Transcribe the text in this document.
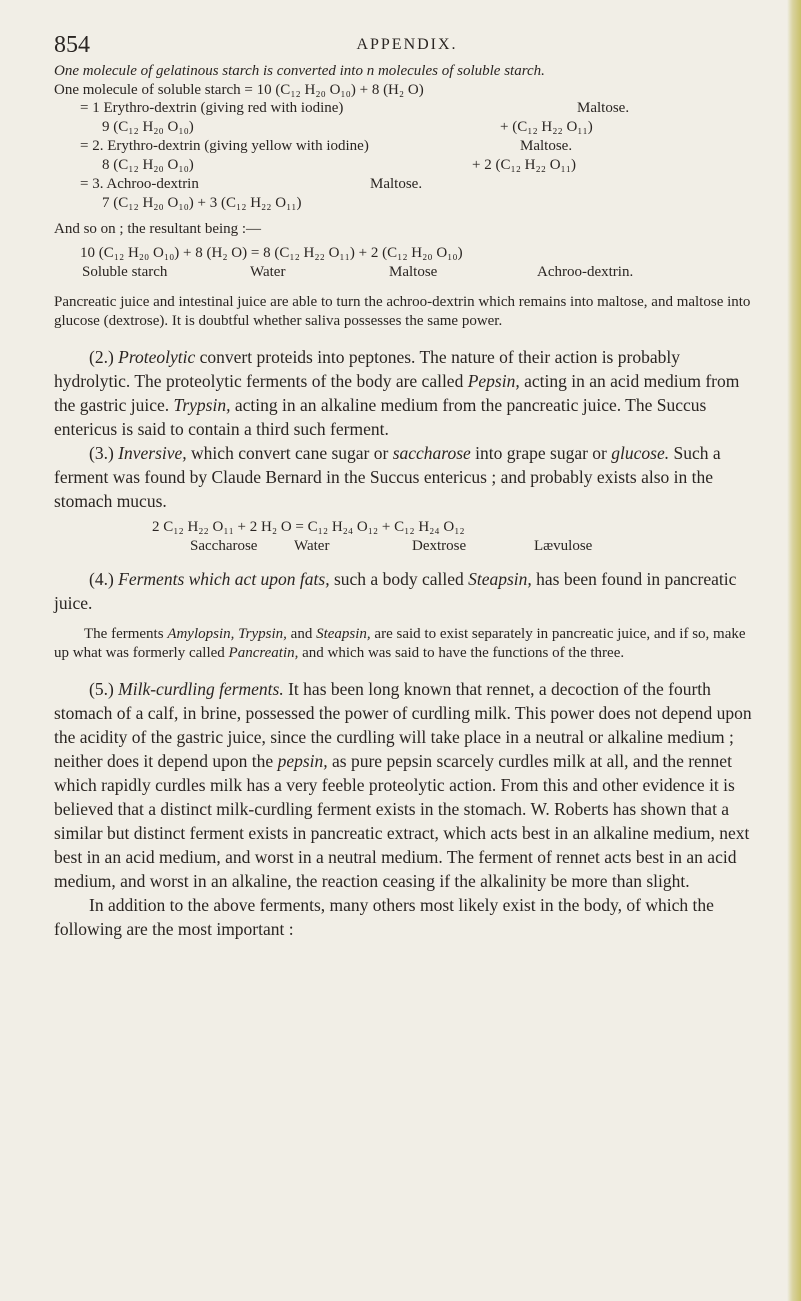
854	APPENDIX.

One molecule of gelatinous starch is converted into n molecules of soluble starch.

One molecule of soluble starch = 10 (C₁₂ H₂₀ O₁₀) + 8 (H₂ O)

= 1 Erythro-dextrin (giving red with iodine)	Maltose.
9 (C₁₂ H₂₀ O₁₀)	+ (C₁₂ H₂₂ O₁₁)
= 2. Erythro-dextrin (giving yellow with iodine)	Maltose.
8 (C₁₂ H₂₀ O₁₀)	+ 2 (C₁₂ H₂₂ O₁₁)
= 3. Achroo-dextrin	Maltose.
7 (C₁₂ H₂₀ O₁₀) + 3 (C₁₂ H₂₂ O₁₁)

And so on ; the resultant being :—

10 (C₁₂ H₂₀ O₁₀) + 8 (H₂ O) = 8 (C₁₂ H₂₂ O₁₁) + 2 (C₁₂ H₂₀ O₁₀)
Soluble starch	Water	Maltose	Achroo-dextrin.

Pancreatic juice and intestinal juice are able to turn the achroo-dextrin which remains into maltose, and maltose into glucose (dextrose). It is doubtful whether saliva possesses the same power.

(2.) Proteolytic convert proteids into peptones. The nature of their action is probably hydrolytic. The proteolytic ferments of the body are called Pepsin, acting in an acid medium from the gastric juice. Trypsin, acting in an alkaline medium from the pancreatic juice. The Succus entericus is said to contain a third such ferment.

(3.) Inversive, which convert cane sugar or saccharose into grape sugar or glucose. Such a ferment was found by Claude Bernard in the Succus entericus ; and probably exists also in the stomach mucus.

2 C₁₂ H₂₂ O₁₁ + 2 H₂ O = C₁₂ H₂₄ O₁₂ + C₁₂ H₂₄ O₁₂
Saccharose Water	Dextrose	Lævulose

(4.) Ferments which act upon fats, such a body called Steapsin, has been found in pancreatic juice.

The ferments Amylopsin, Trypsin, and Steapsin, are said to exist separately in pancreatic juice, and if so, make up what was formerly called Pancreatin, and which was said to have the functions of the three.

(5.) Milk-curdling ferments. It has been long known that rennet, a decoction of the fourth stomach of a calf, in brine, possessed the power of curdling milk. This power does not depend upon the acidity of the gastric juice, since the curdling will take place in a neutral or alkaline medium ; neither does it depend upon the pepsin, as pure pepsin scarcely curdles milk at all, and the rennet which rapidly curdles milk has a very feeble proteolytic action. From this and other evidence it is believed that a distinct milk-curdling ferment exists in the stomach. W. Roberts has shown that a similar but distinct ferment exists in pancreatic extract, which acts best in an alkaline medium, next best in an acid medium, and worst in a neutral medium. The ferment of rennet acts best in an acid medium, and worst in an alkaline, the reaction ceasing if the alkalinity be more than slight.

In addition to the above ferments, many others most likely exist in the body, of which the following are the most important :
